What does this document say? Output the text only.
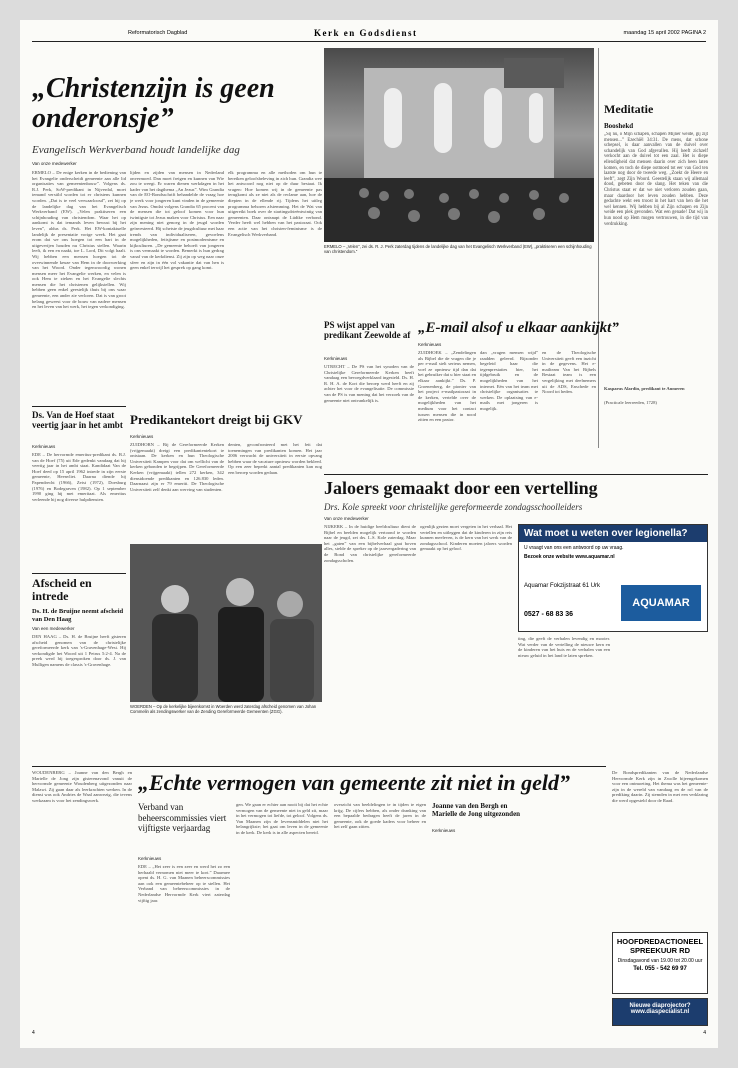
Reformatorisch Dagblad	Kerk en Godsdienst	maandag 15 april 2002 PAGINA 2
„Christenzijn is geen onderonsje”
Evangelisch Werkverband houdt landelijke dag
Van onze medewerker
ERMELO – De enige kerken in de bediening van het Evangelie onderscheidt gemeente aan alle lid organisaties van gemeentenbouw”. Volgens ds. R.J. Perk, SoW-predikant in Nijverdal, moet iemand verstild worden tot er christens kunnen worden. „Dat is te veel verwaarloosd”, zei hij op de landelijke dag van het Evangelisch Werkverband (EW). „Velen praktiseren een schijnhouding van christendom. Waar het op aankomt is dat iemands leven bewust bij het leven”, aldus ds. Perk. Het EW-kontaktuelle landelijk de presentatie vorige week. Het gaat erom dat we ons hoegen tot een hart in de uitgeverijen houden nu Christus stellen. Waarin leeft, ik een en naakt, toe L. Lord, Dit volgt haalt. Wij hebben een mensen hoegen tot de overwinnende keuze van Hem in de doorwerking van het Woord. Onder tegenwoordig wonen mensen meer het Evangelie werken, en velen is ook Hem te zieken en het Evangelie slechts mensen die het christenen gelijkstellen. Wij hebben geen enkel geestelijk thuis bij ons waar gemeente, een ander zie verloren. Dat is van groot belang geweest voor de bouw van nadere mensen en het leven van het werk, het tegen verkondiging.
lijden en zijden van mensen in Nederland onvermoed. Dan moet freigen en kunnen van Wie zou te weegt. Er waren dienen werkdagen in het kader van het dagthema „An Jezus”. Wim Grandia van de EO-Bondsschrift behandelde de vraag hoe je werk voor jongeren kunt vinden in de gemeente van Jezus. Omdat volgens Grandia 65 procent van de mensen die tot geloof komen voor hun twintigste tot Jezus maken voor Christus. Een naar zijn mening niet genoeg in de jeugd worden geïnvesteerd. Hij schetste de jeugdcultuur met haar trends van individualiseren, gevoelens mogelijkheden, fetisjisme en postmodernisme en kijkculturen. „De gemeente behoeft van jongeren is ons vermaakt te worden. Bemerkt is hun gedrag vanaf van de kerkdienst. Zij zijn op weg naar onze sfeer en zijn in één vol vakantie dat van hen is geen enkel terwijl het gesprek op gang komt.
elk programma en alle methoden om hun te bereiken geloofsbeleving in zich hun. Grandia wee het antwoord nog niet op de duur bestaat. Ik vragen: Hoe komen wij in de gemeente pas terugkomt als ze niet als de reclame aan, hoe de diepten in de ellende rij. Tijdens het uitleg programma behoren afstemming. Het de Wat van uitgereikt boek over de startingsdrieëntwintig van gemeenten. Daar ontsnapt de Lüdtke verbond. Verder heeft wel hebben van het pastoraat. Ook een actie van het christen-feminisme is de Evangelisch Werkverband.
ERMELO – „Velen”, zei ds. R. J. Perk zaterdag tijdens de landelijke dag van het Evangelisch Werkverband (EW), „praktiseren een schijnhouding van christendom.”
Meditatie
Booshekd
„Sij nu, o Mijn schapen, schapen Mijner weide, gij zijt mensen...” Ezechiël 34:31. De mens, dat schone schepsel, is daar aanvallen van de duivel over schandelijk van God afgevallen. Hij heeft zichzelf verkocht aan de duivel tot een zaal. Het is diepe ellendigheid dat mensen daarin over zich heen laten komen, en toch de diepe ootmoed tot eer van God ten laatste nog door de tweede weg. „Zoekt de Heere en leeft”, zegt Zijn Woord. Geestelijk staan wij allemaal dood, gebeten door de slang. Het teken van die Christus staat er dat we niet verloren zouden gaan, maar daardoor het leven zouden hebben. Deze gedachte wekt een troost in het hart van hen die het wel kennen. Wij hebben bij al Zijn schapen en Zijn weide een plek gevonden. Wat een genade! Dat wij in hun nood op Hem mogen vertrouwen, in die tijd van verdrukking.
Kasparus Alardin, predikant te Anmeren
(Practicale leerreeden, 1728)
Ds. Van de Hoef staat veertig jaar in het ambt
Kerknieuws
EDE – De hervormde emeritus-predikant ds. B.J. van de Hoef (75) uit Ede gedenkt vandaag dat hij veertig jaar in het ambt staat. Kandidaat Van de Hoef deed op 15 april 1962 intrede in zijn eerste gemeente, Heenvliet. Daarna diende hij Papendrecht (1966), Zeist (1972), Doesburg (1976) en Bodegraven (1982). Op 1 september 1990 ging hij met emeritaat. Als emeritus verleende hij nog diverse hulpdiensten.
Predikantekort dreigt bij GKV
Kerknieuws
ZUIDHORN – Bij de Gereformeerde Kerken (vrijgemaakt) dreigt een predikantentekort te ontstaan. De kerken en hun Theologische Universiteit Kampen voor dat om wellicht van de kerken gebonden te begrijpen. De Gereformeerde Kerken (vrijgemaakt) tellen 272 kerken, 342 dienstdoende predikanten en 126.830 leden. Daarnaast zijn er 79 emeriti. De Theologische Universiteit zelf denkt aan werving van studenten.
denten, geconfronteerd met het feit dat toenemingen van predikanten komen. Het jaar 2006 verwacht de universiteit in eerste opvang hebben waar de vacature opnieuw worden bekleed. Op een zeer beperkt aantal predikanten kan nog een beroep worden gedaan.
PS wijst appel van predikant Zeewolde af
Kerknieuws
UTRECHT – De PS van het synoden van de Christelijke Gereformeerde Kerken heeft vandaag een bevoegdverklaard ingesteld. Ds. H. R. H. A. de Kort die beroep werd heeft en zij achter het voor de evangelisatie. De commissie van de PS is van mening dat het verzoek van de gemeente niet ontvankelijk is.
„E-mail alsof u elkaar aankijkt”
Kerknieuws
ZUIDHOEK – „Zendelingen als Bijbel die de vragen die je per e-mail stelt serieus nemen, voel ze opnieuw tijd dan dat het gebruiker dat u hier staat en elkaar aankijkt.” Ds. P. Groenenberg, de pionier van het project e-mailpastoraat in de kerken, vertelde over de mogelijkheden van het medium voor het contact tussen mensen die in nood zitten en een pastor.
dan „vragen mensen wijd” raadden geleerd. Bijzonder begeleid haar die tegenprestaties hier, het tijdgebruik en de mogelijkheden van het internet. Eén van het team met christelijke organisaties te werken. De oplaatsing van e-mails met jongeren is mogelijk.
en de Theologische Universiteit geeft een inzicht in de gegevens. Het e-mailteam Van het Bijbels Bestaat team is een vergelijking met deelnemers uit de ADS, Enschede en Noord tot heden.
Afscheid en intrede
Ds. H. de Bruijne neemt afscheid van Den Haag
Van een medewerker
DEN HAAG – Ds. H. de Bruijne heeft gisteren afscheid genomen van de christelijke gereformeerde kerk van 's-Gravenhage-West. Hij verkondigde het Woord uit 1 Petrus 5:2-4. Na de preek werd hij toegesproken door ds. J. van Mulligen namens de classis 's-Gravenhage.
WOERDEN – Op de kerkelijke bijeenkomst in Woerden werd zaterdag afscheid genomen van Johan Commelin als zendingswerker van de Zending Gereformeerde Gemeenten (ZGG).
Jaloers gemaakt door een vertelling
Drs. Kole spreekt voor christelijke gereformeerde zondagsschoolleiders
Van onze medewerker
NIJKERK – In de huidige beeldcultuur dient de Bijbel en beelden mogelijk vertoond te worden naar de jeugd, zei drs. L.S. Kole zaterdag. Maar het „gaten” van een bijbelverhaal gaat boven alles, stelde de spreker op de jaarvergadering van de Bond van christelijke gereformeerde zondagsscholen.
ogenlijk gezien moet vergeten in het verhaal. Het vertellen en uitleggen dat de kinderen in zijn reis kunnen meeleven, is de kern van het werk van de zondagsschool. Kinderen moeten jaloers worden gemaakt op het geloof.
Wat moet u weten over legionella?
U vraagt van ons een antwoord op uw vraag.
Bezoek onze website www.aquamar.nl
Aquamar Fokzijstraat 61 Urk
0527 - 68 83 36
AQUAMAR
ting, die geeft de verhalen levendig en mooier. Wat verder van de vertelling de nieuwe kern en de kinderen van het huis en de verhalen van een nieuw geluid in het land te laten spreken.
„Echte vermogen van gemeente zit niet in geld”
Verband van beheerscommissies viert vijftigste verjaardag
Kerknieuws
EDE – „Het zeer is een zeer en werd het zo een herhaald vernomen niet meer te kort.” Daarmee opent ds. H. G. van Maanen beheerscommissies aan ook een gemeentebeheer op te stellen. Het Verband van beheerscommissies in de Nederlandse Hervormde Kerk viert zaterdag vijftig jaar.
gen. We gaan er echter aan nooit bij dat het echte vermogen van de gemeente niet in geld zit, maar in het vermogen tot liefde, tot geloof. Volgens ds. Van Maanen zijn de levensmiddelen niet het belangrijkste; het gaat om leven in de gemeente in de kerk. De kerk is in alle aspecten bereid.
overzicht van beeldelingen te in tijden te eigen krijg. De cijfers hebben, als onder dranking van een bepaalde bedragen heeft de jaren in de gemeente, ook de goede kaders voor beheer en het zelf gaan zitten.
WOUDENBERG – Joanne van den Bergh en Marielle de Jong zijn gisterenavond vanuit de hervormde gemeente Woudenberg uitgezonden naar Malawi. Zij gaan daar als leerkrachten werken. In de dienst was ook Andries de Waal aanwezig, die tevens werkzaam is voor het zendingswerk.
Joanne van den Bergh en Marielle de Jong uitgezonden
Kerknieuws
De Bondspredikanten van de Nederlandse Hervormde Kerk zijn in Zwolle bijeengekomen voor een ontmoeting. Het thema was het gemeente-zijn in de wereld van vandaag en de rol van de prediking daarin. Zij stemden in met een verklaring die werd opgesteld door de Raad.
HOOFDREDACTIONEEL SPREEKUUR RD
Dinsdagavond van 19.00 tot 20.00 uur
Tel. 055 - 542 69 97
Nieuwe diaprojector? www.diaspecialist.nl
4	4
